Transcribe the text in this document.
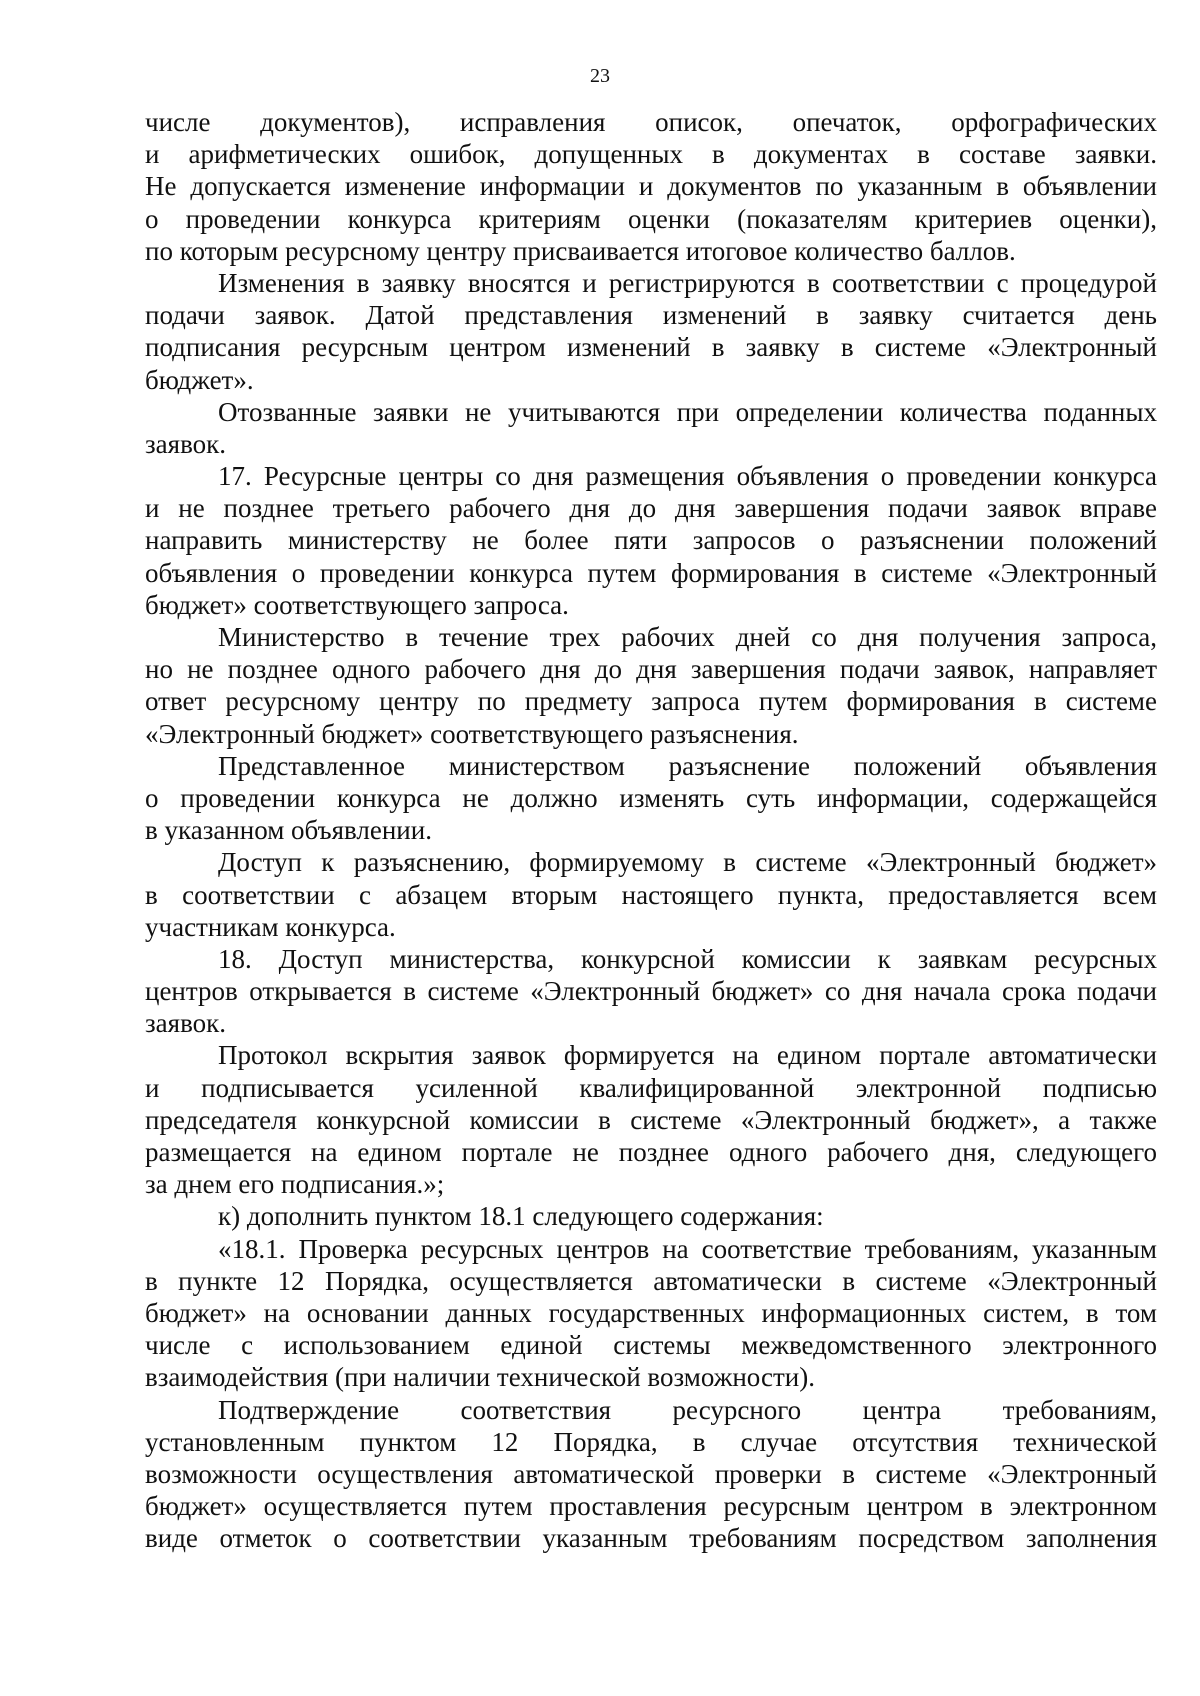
23
числе документов), исправления описок, опечаток, орфографических
и арифметических ошибок, допущенных в документах в составе заявки.
Не допускается изменение информации и документов по указанным в объявлении
о проведении конкурса критериям оценки (показателям критериев оценки),
по которым ресурсному центру присваивается итоговое количество баллов.
Изменения в заявку вносятся и регистрируются в соответствии с процедурой
подачи заявок. Датой представления изменений в заявку считается день
подписания ресурсным центром изменений в заявку в системе «Электронный
бюджет».
Отозванные заявки не учитываются при определении количества поданных
заявок.
17. Ресурсные центры со дня размещения объявления о проведении конкурса
и не позднее третьего рабочего дня до дня завершения подачи заявок вправе
направить министерству не более пяти запросов о разъяснении положений
объявления о проведении конкурса путем формирования в системе «Электронный
бюджет» соответствующего запроса.
Министерство в течение трех рабочих дней со дня получения запроса,
но не позднее одного рабочего дня до дня завершения подачи заявок, направляет
ответ ресурсному центру по предмету запроса путем формирования в системе
«Электронный бюджет» соответствующего разъяснения.
Представленное министерством разъяснение положений объявления
о проведении конкурса не должно изменять суть информации, содержащейся
в указанном объявлении.
Доступ к разъяснению, формируемому в системе «Электронный бюджет»
в соответствии с абзацем вторым настоящего пункта, предоставляется всем
участникам конкурса.
18. Доступ министерства, конкурсной комиссии к заявкам ресурсных
центров открывается в системе «Электронный бюджет» со дня начала срока подачи
заявок.
Протокол вскрытия заявок формируется на едином портале автоматически
и подписывается усиленной квалифицированной электронной подписью
председателя конкурсной комиссии в системе «Электронный бюджет», а также
размещается на едином портале не позднее одного рабочего дня, следующего
за днем его подписания.»;
к) дополнить пунктом 18.1 следующего содержания:
«18.1. Проверка ресурсных центров на соответствие требованиям, указанным
в пункте 12 Порядка, осуществляется автоматически в системе «Электронный
бюджет» на основании данных государственных информационных систем, в том
числе с использованием единой системы межведомственного электронного
взаимодействия (при наличии технической возможности).
Подтверждение соответствия ресурсного центра требованиям,
установленным пунктом 12 Порядка, в случае отсутствия технической
возможности осуществления автоматической проверки в системе «Электронный
бюджет» осуществляется путем проставления ресурсным центром в электронном
виде отметок о соответствии указанным требованиям посредством заполнения
